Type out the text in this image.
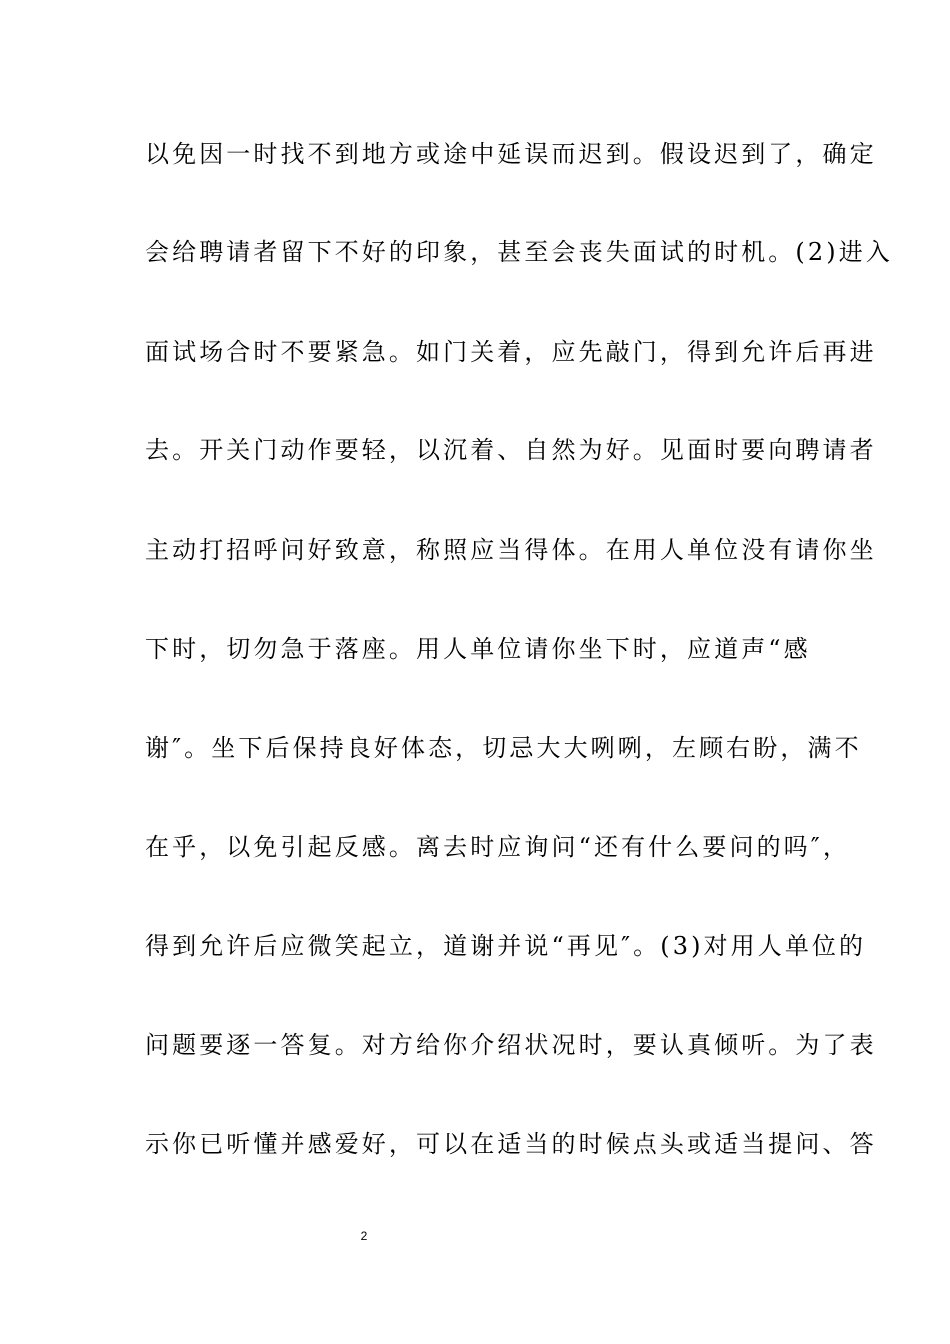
以免因一时找不到地方或途中延误而迟到。假设迟到了，确定
会给聘请者留下不好的印象，甚至会丧失面试的时机。(2)进入
面试场合时不要紧急。如门关着，应先敲门，得到允许后再进
去。开关门动作要轻，以沉着、自然为好。见面时要向聘请者
主动打招呼问好致意，称照应当得体。在用人单位没有请你坐
下时，切勿急于落座。用人单位请你坐下时，应道声“感
谢″。坐下后保持良好体态，切忌大大咧咧，左顾右盼，满不
在乎，以免引起反感。离去时应询问“还有什么要问的吗″，
得到允许后应微笑起立，道谢并说“再见″。(3)对用人单位的
问题要逐一答复。对方给你介绍状况时，要认真倾听。为了表
示你已听懂并感爱好，可以在适当的时候点头或适当提问、答
2
